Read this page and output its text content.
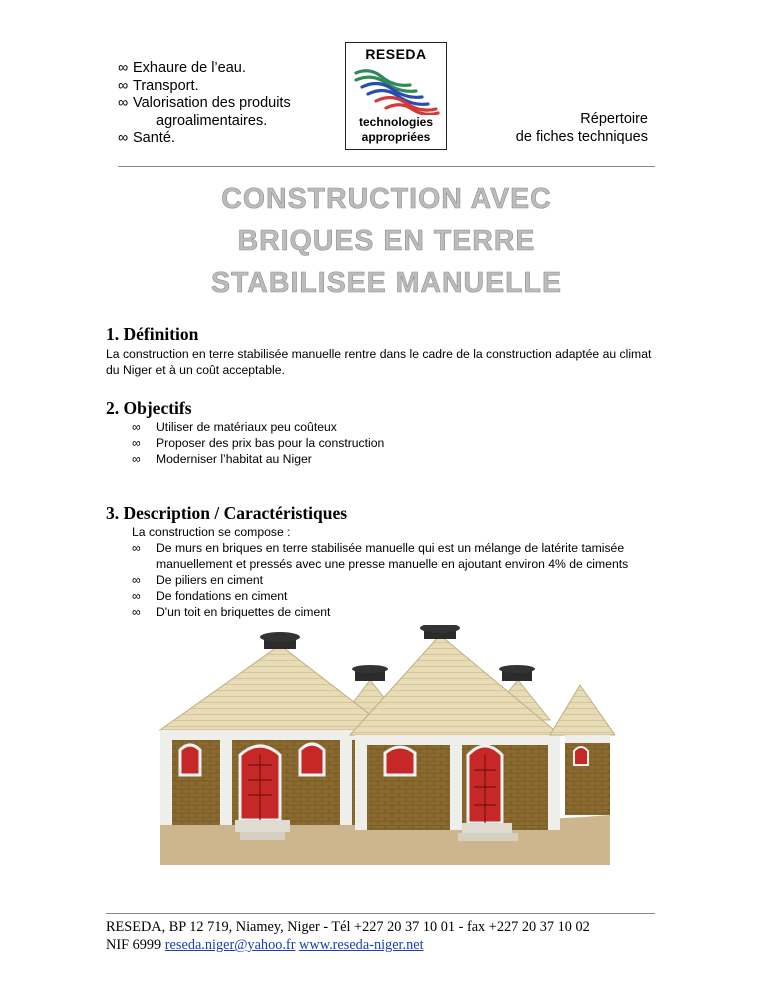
∞ Exhaure de l’eau.
∞ Transport.
∞ Valorisation des produits
agroalimentaires.
∞ Santé.
RESEDA
technologies
appropriées
Répertoire
de fiches techniques
CONSTRUCTION AVEC
BRIQUES EN TERRE
STABILISEE MANUELLE
1. Définition
La construction en terre stabilisée manuelle rentre dans le cadre de la construction adaptée au climat du Niger et à un coût acceptable.
2. Objectifs
∞ Utiliser de matériaux peu coûteux
∞ Proposer des prix bas pour la construction
∞ Moderniser l’habitat au Niger
3. Description / Caractéristiques
La construction se compose :
∞ De murs en briques en terre stabilisée manuelle qui est un mélange de latérite tamisée manuellement et pressés avec une presse manuelle en ajoutant environ 4% de ciments
∞ De piliers en ciment
∞ De fondations en ciment
∞ D'un toit en briquettes de ciment
RESEDA, BP 12 719, Niamey, Niger - Tél +227 20 37 10 01 - fax +227 20 37 10 02
NIF 6999 reseda.niger@yahoo.fr www.reseda-niger.net
